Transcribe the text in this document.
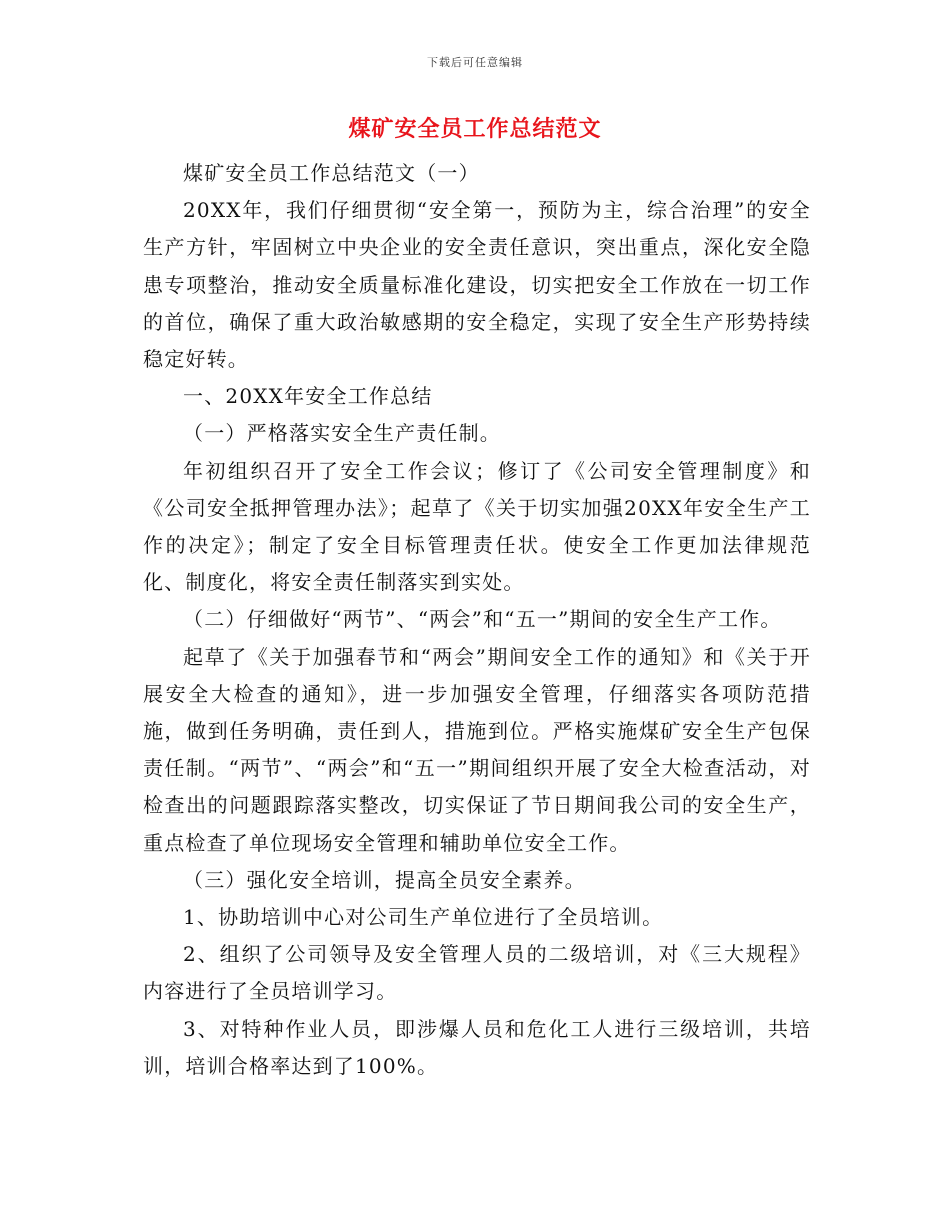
下载后可任意编辑
煤矿安全员工作总结范文

煤矿安全员工作总结范文（一）

20XX年，我们仔细贯彻“安全第一，预防为主，综合治理”的安全生产方针，牢固树立中央企业的安全责任意识，突出重点，深化安全隐患专项整治，推动安全质量标准化建设，切实把安全工作放在一切工作的首位，确保了重大政治敏感期的安全稳定，实现了安全生产形势持续稳定好转。

一、20XX年安全工作总结

（一）严格落实安全生产责任制。

年初组织召开了安全工作会议；修订了《公司安全管理制度》和《公司安全抵押管理办法》；起草了《关于切实加强20XX年安全生产工作的决定》；制定了安全目标管理责任状。使安全工作更加法律规范化、制度化，将安全责任制落实到实处。

（二）仔细做好“两节”、“两会”和“五一”期间的安全生产工作。

起草了《关于加强春节和“两会”期间安全工作的通知》和《关于开展安全大检查的通知》，进一步加强安全管理，仔细落实各项防范措施，做到任务明确，责任到人，措施到位。严格实施煤矿安全生产包保责任制。“两节”、“两会”和“五一”期间组织开展了安全大检查活动，对检查出的问题跟踪落实整改，切实保证了节日期间我公司的安全生产，重点检查了单位现场安全管理和辅助单位安全工作。

（三）强化安全培训，提高全员安全素养。

1、协助培训中心对公司生产单位进行了全员培训。

2、组织了公司领导及安全管理人员的二级培训，对《三大规程》内容进行了全员培训学习。

3、对特种作业人员，即涉爆人员和危化工人进行三级培训，共培训，培训合格率达到了100%。
